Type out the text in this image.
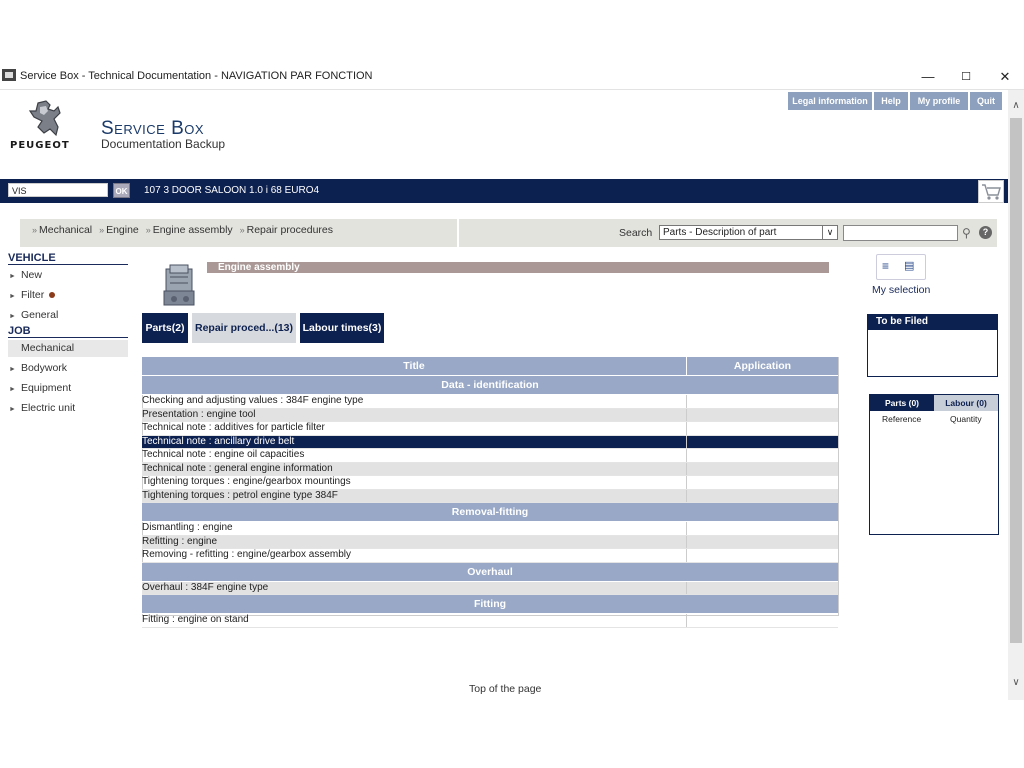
Service Box - Technical Documentation - NAVIGATION PAR FONCTION	—	☐	✕
PEUGEOT
Service Box
Documentation Backup
Legal information	Help	My profile	Quit
VIS	OK 107 3 DOOR SALOON 1.0 i 68 EURO4
» Mechanical » Engine » Engine assembly » Repair procedures	Search	Parts - Description of part	∨	⚲	?
VEHICLE
► New
► Filter
► General
JOB
Mechanical
► Bodywork
► Equipment
► Electric unit
Engine assembly
Parts(2) Repair proced...(13) Labour times(3)
Title	Application
Data - identification
Checking and adjusting values : 384F engine type
Presentation : engine tool
Technical note : additives for particle filter
Technical note : ancillary drive belt
Technical note : engine oil capacities
Technical note : general engine information
Tightening torques : engine/gearbox mountings
Tightening torques : petrol engine type 384F
Removal-fitting
Dismantling : engine
Refitting : engine
Removing - refitting : engine/gearbox assembly
Overhaul
Overhaul : 384F engine type
Fitting
Fitting : engine on stand
Top of the page
≡ ▤
My selection
To be Filed
Parts (0)	Labour (0)
Reference	Quantity
∧
∨
